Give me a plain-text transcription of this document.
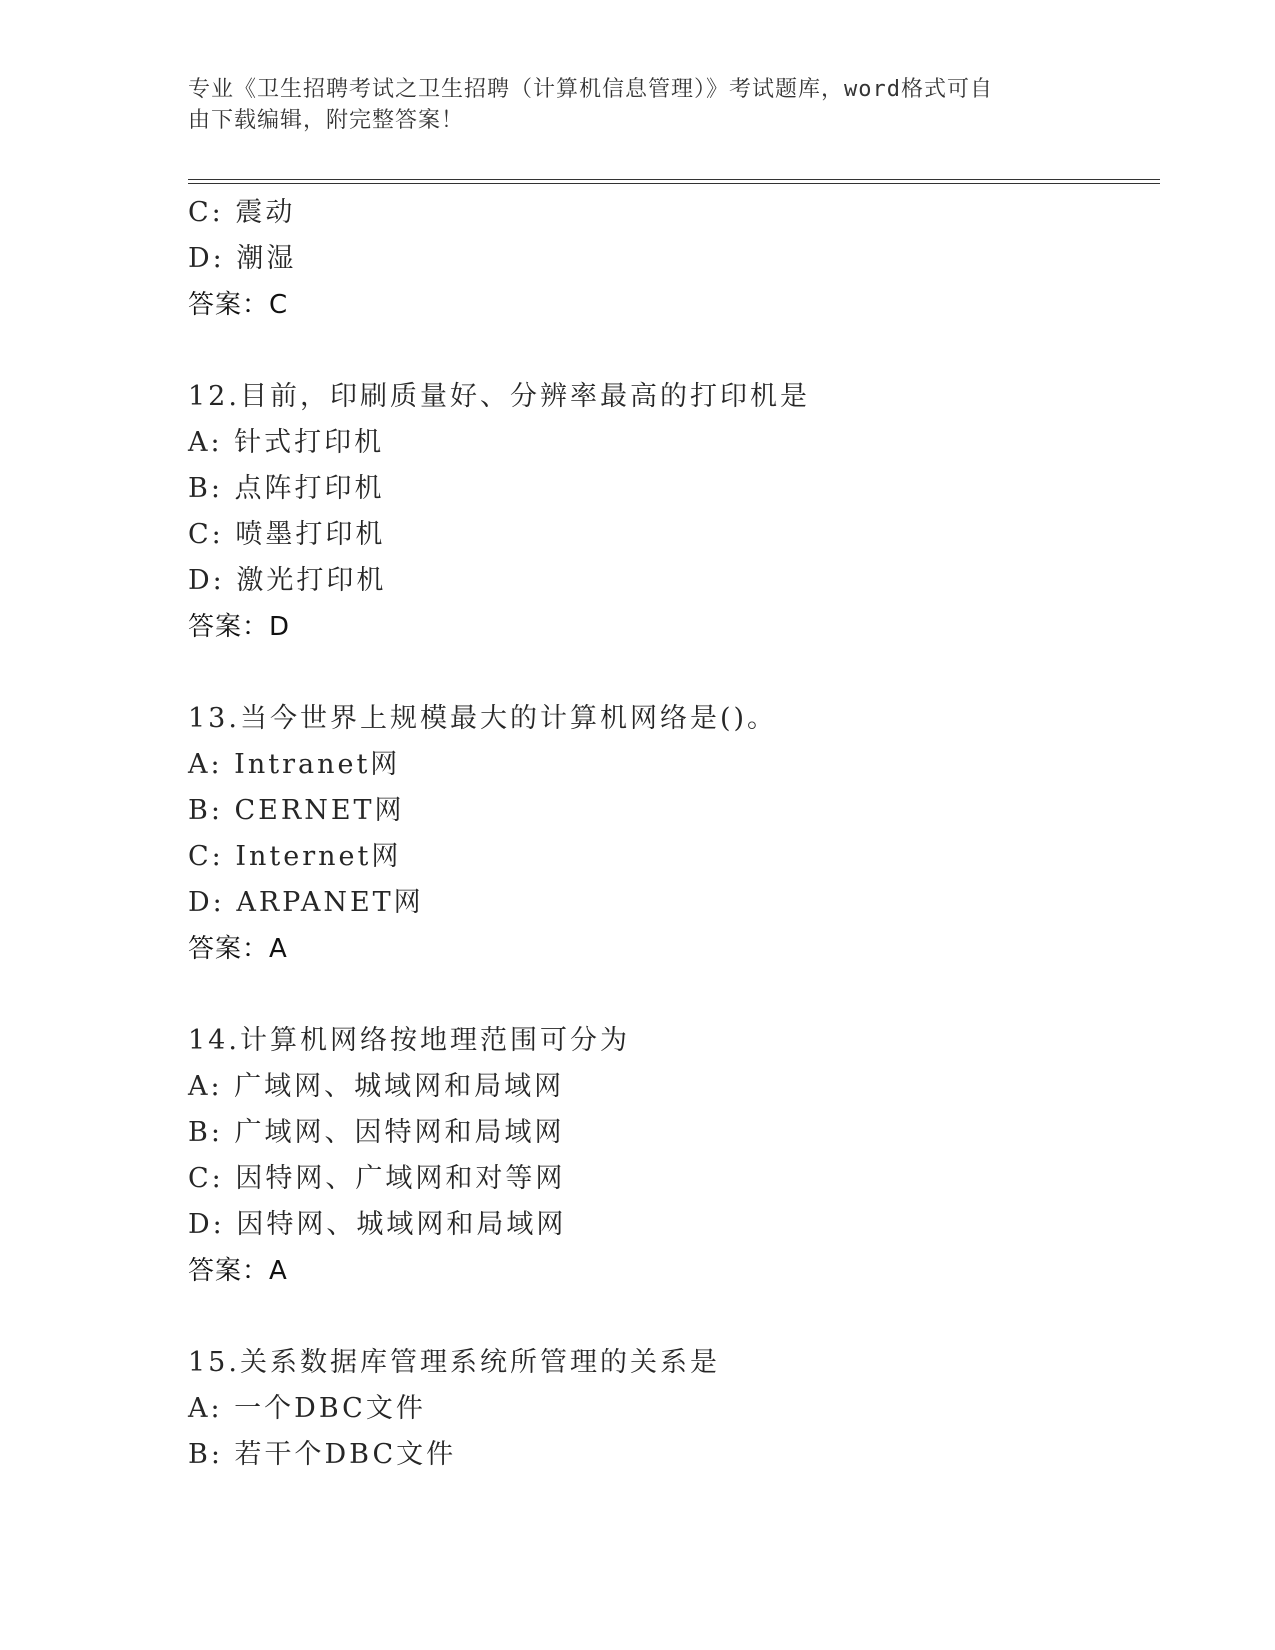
专业《卫生招聘考试之卫生招聘（计算机信息管理）》考试题库，word格式可自
由下载编辑，附完整答案！
C: 震动
D: 潮湿
答案：C
12.目前，印刷质量好、分辨率最高的打印机是
A: 针式打印机
B: 点阵打印机
C: 喷墨打印机
D: 激光打印机
答案：D
13.当今世界上规模最大的计算机网络是()。
A: Intranet网
B: CERNET网
C: Internet网
D: ARPANET网
答案：A
14.计算机网络按地理范围可分为
A: 广域网、城域网和局域网
B: 广域网、因特网和局域网
C: 因特网、广域网和对等网
D: 因特网、城域网和局域网
答案：A
15.关系数据库管理系统所管理的关系是
A: 一个DBC文件
B: 若干个DBC文件
